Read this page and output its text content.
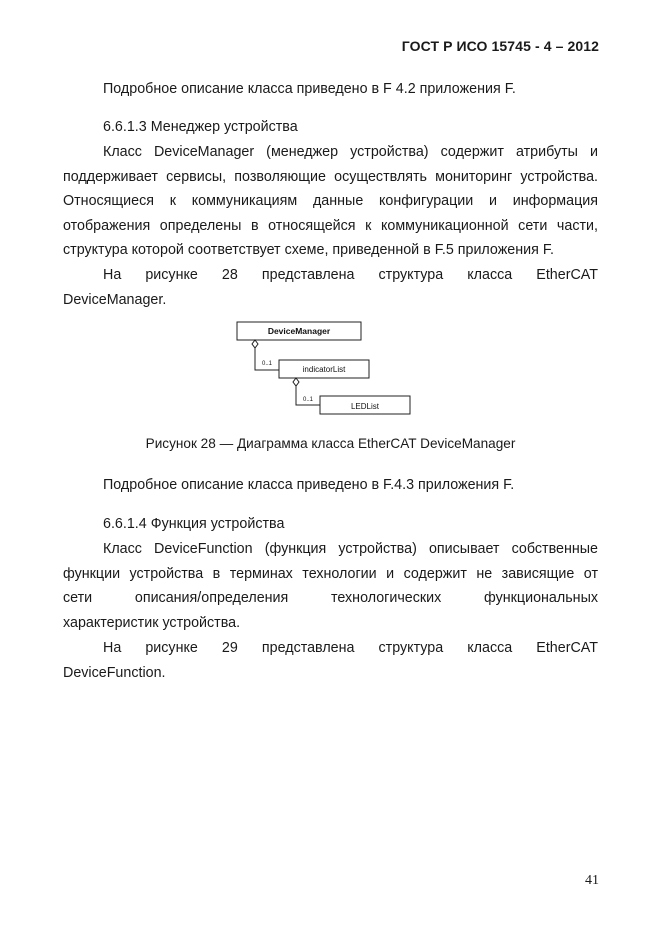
ГОСТ Р ИСО 15745 - 4 – 2012

Подробное описание класса приведено в F 4.2 приложения F.

6.6.1.3 Менеджер устройства

Класс DeviceManager (менеджер устройства) содержит атрибуты и
поддерживает сервисы, позволяющие осуществлять мониторинг устройства.
Относящиеся к коммуникациям данные конфигурации и информация
отображения определены в относящейся к коммуникационной сети части,
структура которой соответствует схеме, приведенной в F.5 приложения F.

На рисунке 28 представлена структура класса EtherCAT
DeviceManager.

DeviceManager
indicatorList
LEDList
0..1
0..1
Рисунок 28 — Диаграмма класса EtherCAT DeviceManager

Подробное описание класса приведено в F.4.3 приложения F.

6.6.1.4 Функция устройства

Класс DeviceFunction (функция устройства) описывает собственные
функции устройства в терминах технологии и содержит не зависящие от
сети описания/определения технологических функциональных
характеристик устройства.

На рисунке 29 представлена структура класса EtherCAT
DeviceFunction.

41
